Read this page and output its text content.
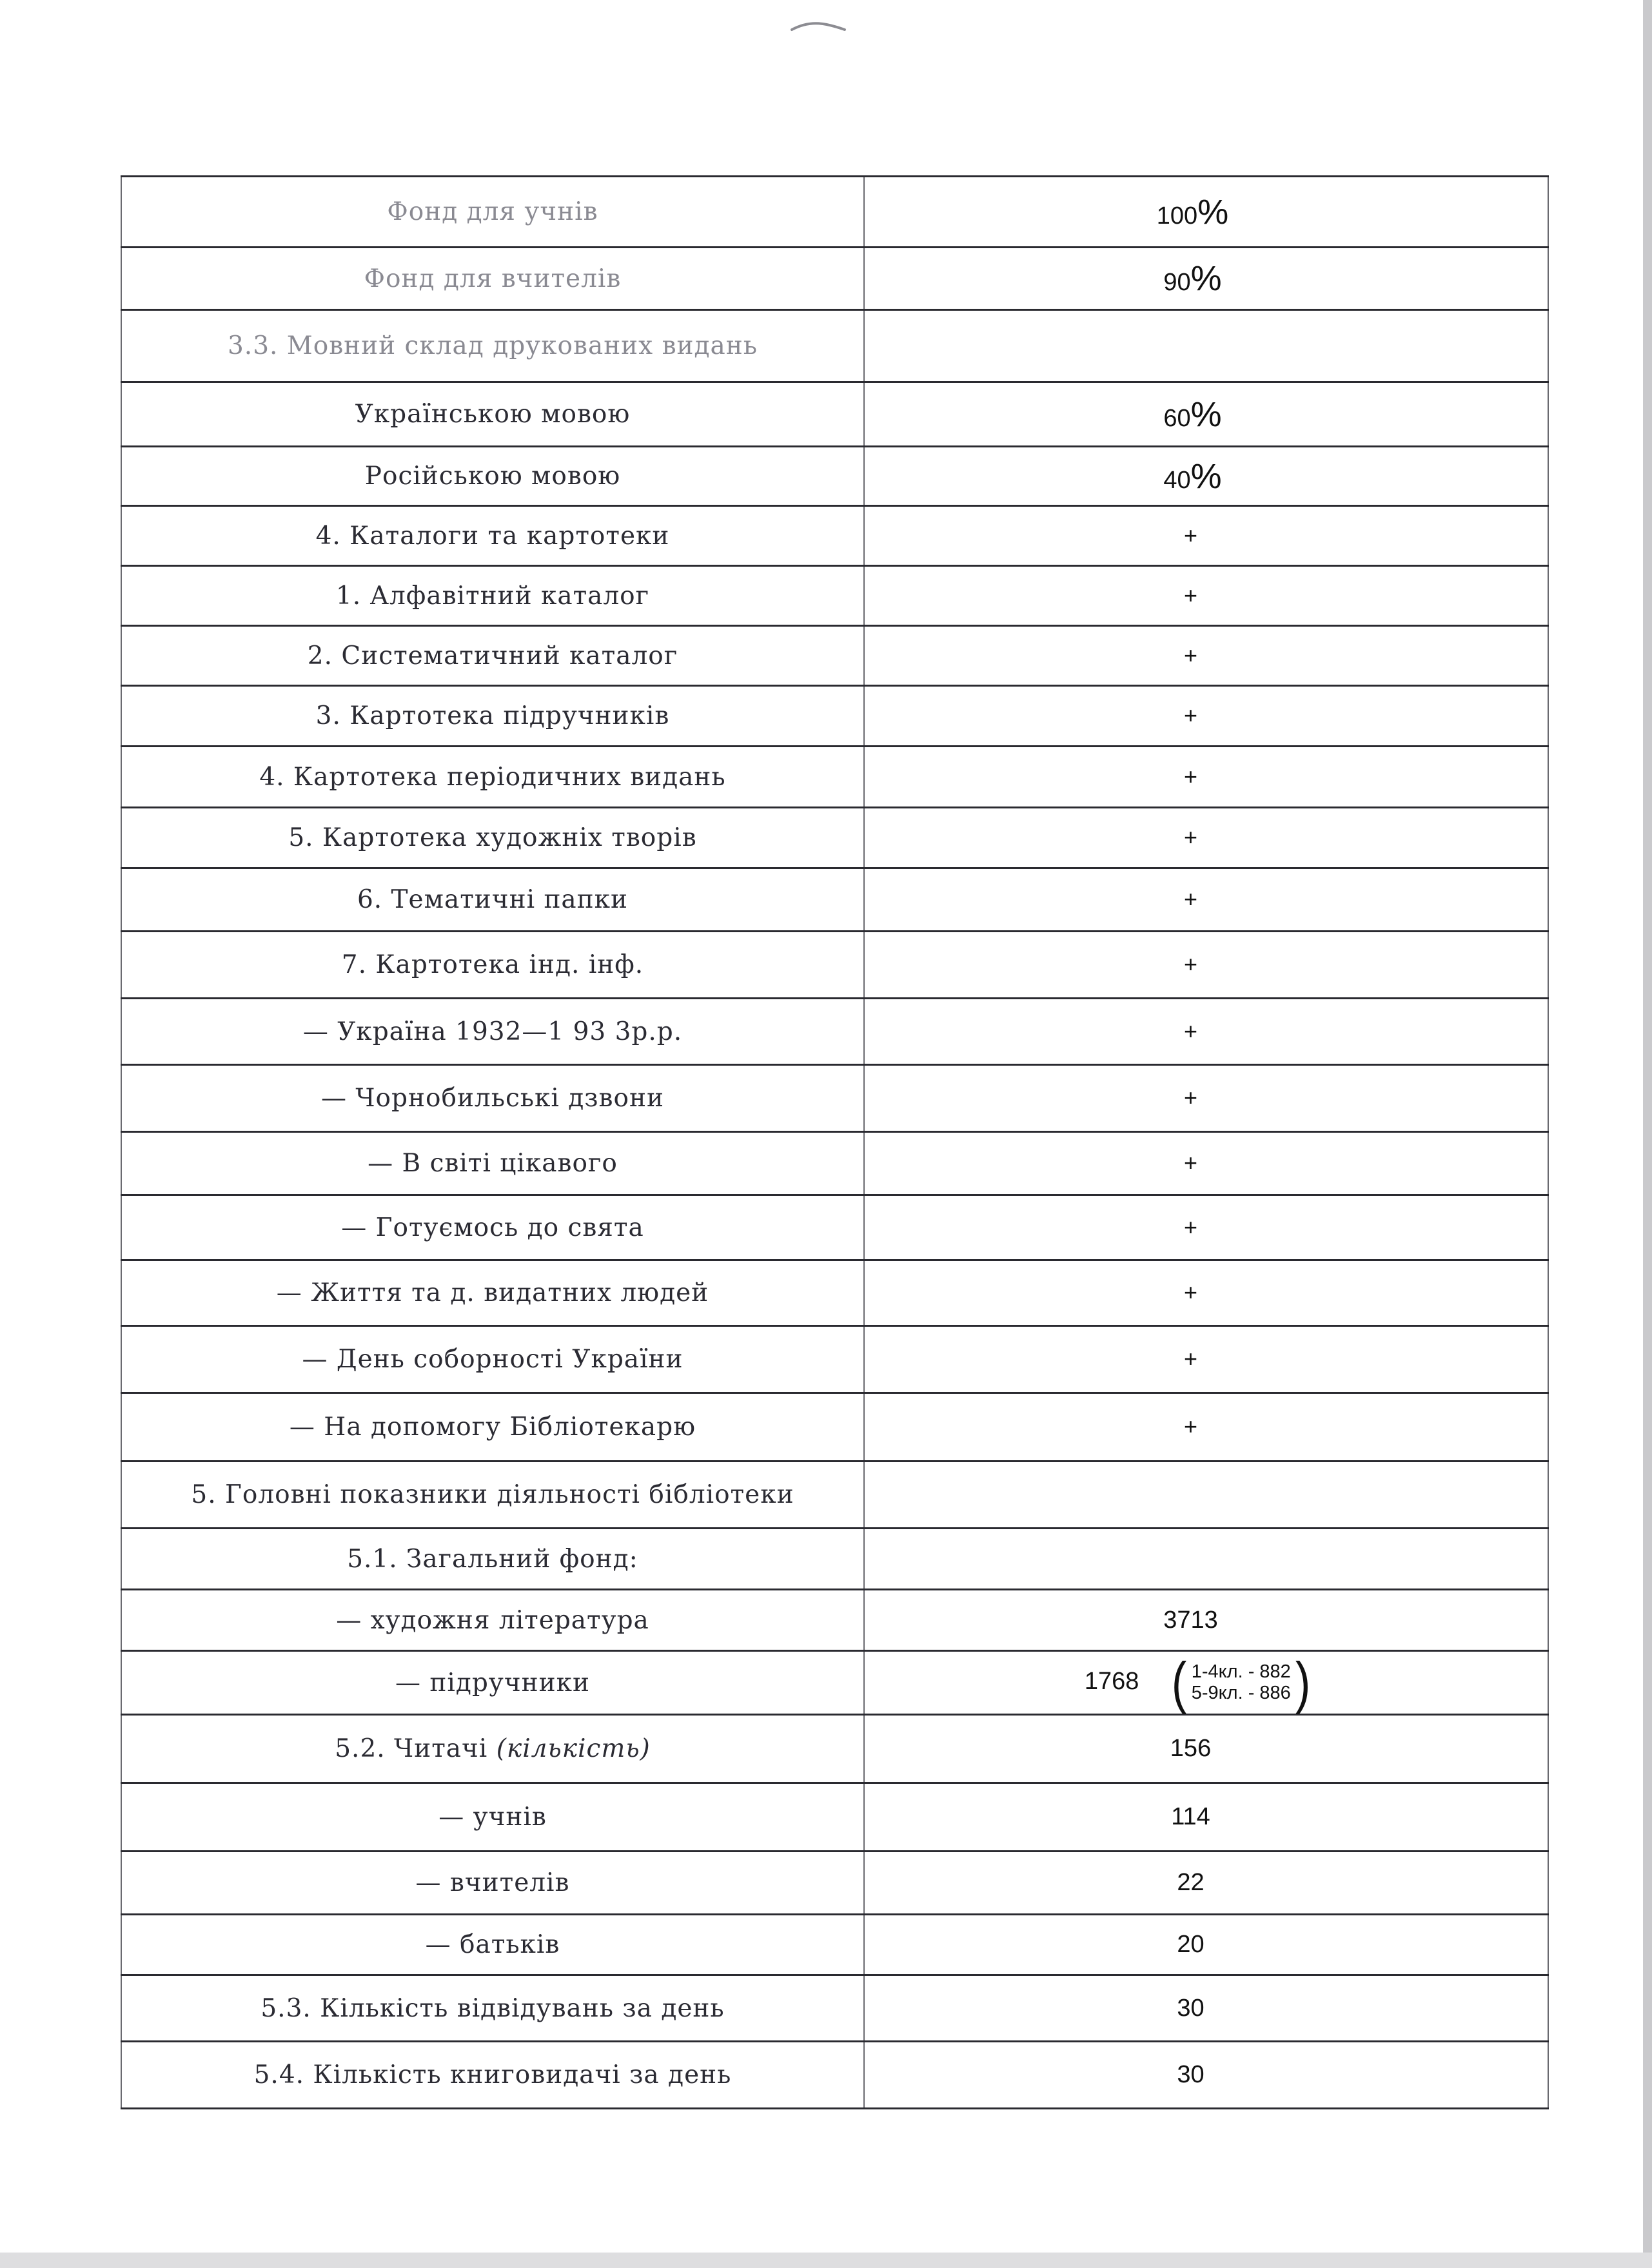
Фонд для учнів	100%
Фонд для вчителів	90%
3.3. Мовний склад друкованих видань	
Українською мовою	60%
Російською мовою	40%
4. Каталоги та картотеки	+
1. Алфавітний каталог	+
2. Систематичний каталог	+
3. Картотека підручників	+
4. Картотека періодичних видань	+
5. Картотека художніх творів	+
6. Тематичні папки	+
7. Картотека інд. інф.	+
— Україна 1932—1 93 3р.р.	+
— Чорнобильські дзвони	+
— В світі цікавого	+
— Готуємось до свята	+
— Життя та д. видатних людей	+
— День соборності України	+
— На допомогу Бібліотекарю	+
5. Головні показники діяльності бібліотеки	
5.1. Загальний фонд:	
— художня література	3713
— підручники	1768 ( 1-4кл. - 882
5-9кл. - 886 )

5.2. Читачі (кількість)	156
— учнів	114
— вчителів	22
— батьків	20
5.3. Кількість відвідувань за день	30
5.4. Кількість книговидачі за день	30
